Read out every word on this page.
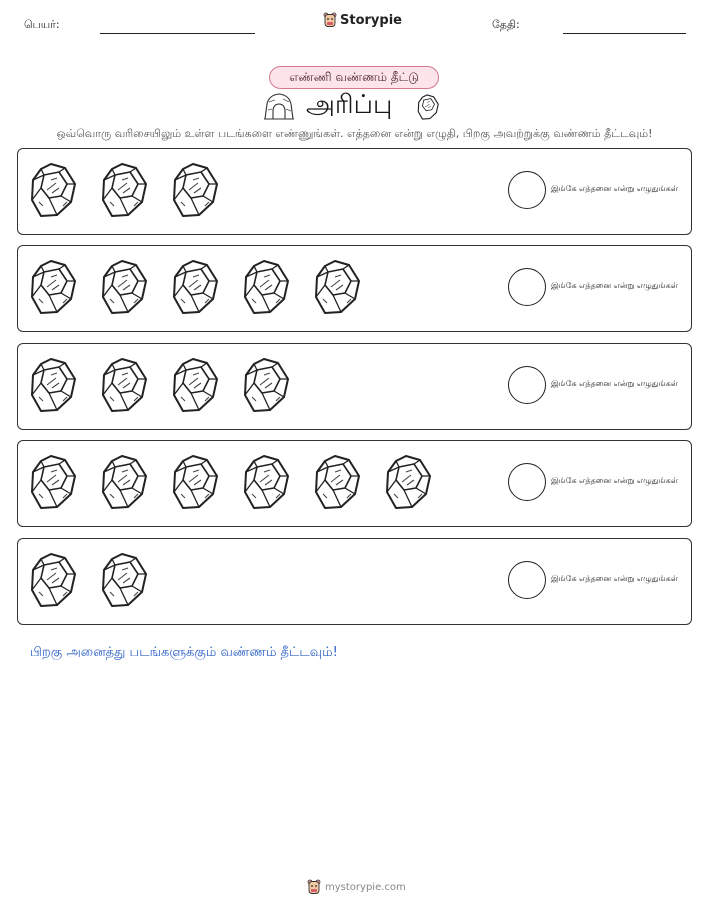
பெயர்:	Storypie	தேதி:
எண்ணி வண்ணம் தீட்டு
அரிப்பு
ஒவ்வொரு வரிசையிலும் உள்ள படங்களை எண்ணுங்கள். எத்தனை என்று எழுதி, பிறகு அவற்றுக்கு வண்ணம் தீட்டவும்!
இங்கே எத்தனை என்று எழுதுங்கள்
இங்கே எத்தனை என்று எழுதுங்கள்
இங்கே எத்தனை என்று எழுதுங்கள்
இங்கே எத்தனை என்று எழுதுங்கள்
இங்கே எத்தனை என்று எழுதுங்கள்
பிறகு அனைத்து படங்களுக்கும் வண்ணம் தீட்டவும்!
mystorypie.com
